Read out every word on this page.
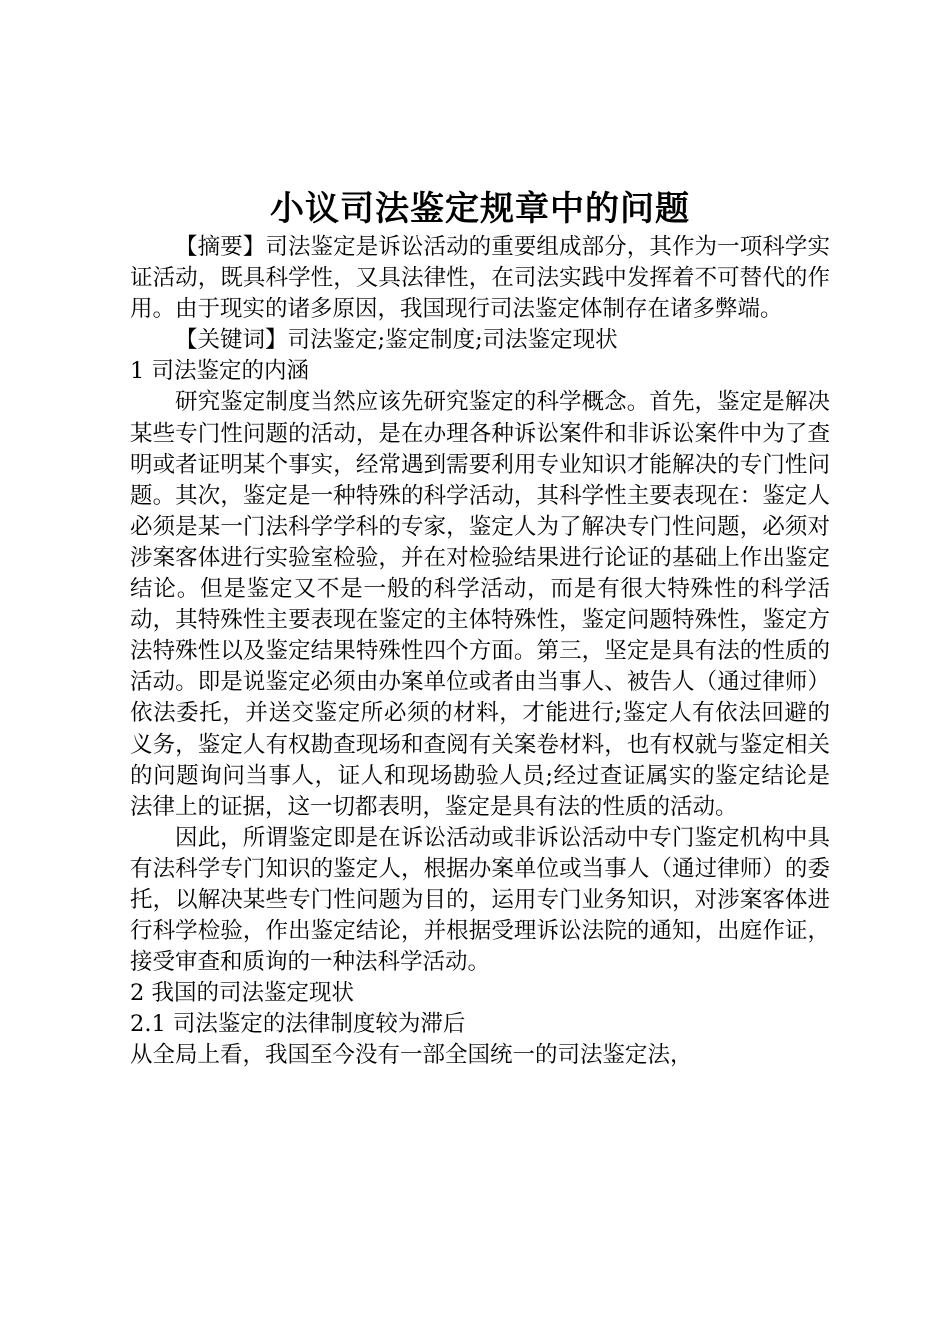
小议司法鉴定规章中的问题

【摘要】司法鉴定是诉讼活动的重要组成部分，其作为一项科学实证活动，既具科学性，又具法律性，在司法实践中发挥着不可替代的作用。由于现实的诸多原因，我国现行司法鉴定体制存在诸多弊端。

【关键词】司法鉴定;鉴定制度;司法鉴定现状

1 司法鉴定的内涵

研究鉴定制度当然应该先研究鉴定的科学概念。首先，鉴定是解决某些专门性问题的活动，是在办理各种诉讼案件和非诉讼案件中为了查明或者证明某个事实，经常遇到需要利用专业知识才能解决的专门性问题。其次，鉴定是一种特殊的科学活动，其科学性主要表现在：鉴定人必须是某一门法科学学科的专家，鉴定人为了解决专门性问题，必须对涉案客体进行实验室检验，并在对检验结果进行论证的基础上作出鉴定结论。但是鉴定又不是一般的科学活动，而是有很大特殊性的科学活动，其特殊性主要表现在鉴定的主体特殊性，鉴定问题特殊性，鉴定方法特殊性以及鉴定结果特殊性四个方面。第三，坚定是具有法的性质的活动。即是说鉴定必须由办案单位或者由当事人、被告人（通过律师）依法委托，并送交鉴定所必须的材料，才能进行;鉴定人有依法回避的义务，鉴定人有权勘查现场和查阅有关案卷材料，也有权就与鉴定相关的问题询问当事人，证人和现场勘验人员;经过查证属实的鉴定结论是法律上的证据，这一切都表明，鉴定是具有法的性质的活动。

因此，所谓鉴定即是在诉讼活动或非诉讼活动中专门鉴定机构中具有法科学专门知识的鉴定人，根据办案单位或当事人（通过律师）的委托，以解决某些专门性问题为目的，运用专门业务知识，对涉案客体进行科学检验，作出鉴定结论，并根据受理诉讼法院的通知，出庭作证，接受审查和质询的一种法科学活动。

2 我国的司法鉴定现状

2.1 司法鉴定的法律制度较为滞后

从全局上看，我国至今没有一部全国统一的司法鉴定法，
